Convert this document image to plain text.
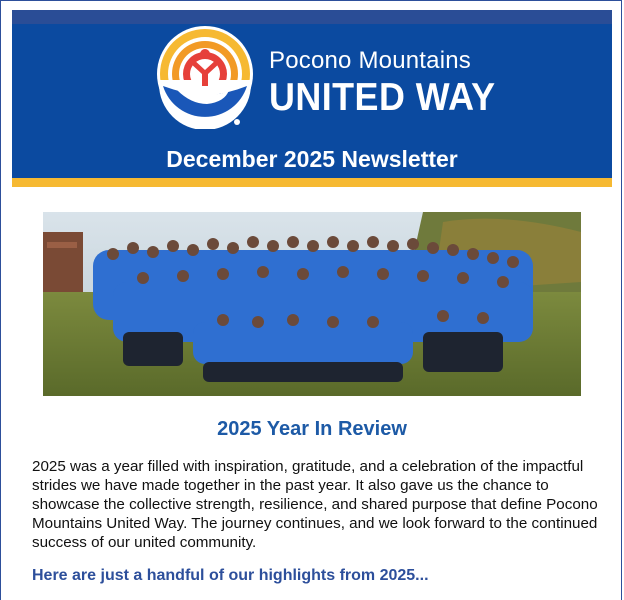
Pocono Mountains
UNITED WAY
December 2025 Newsletter
2025 Year In Review
2025 was a year filled with inspiration, gratitude, and a celebration of the impactful strides we have made together in the past year. It also gave us the chance to showcase the collective strength, resilience, and shared purpose that define Pocono Mountains United Way. The journey continues, and we look forward to the continued success of our united community.
Here are just a handful of our highlights from 2025...
